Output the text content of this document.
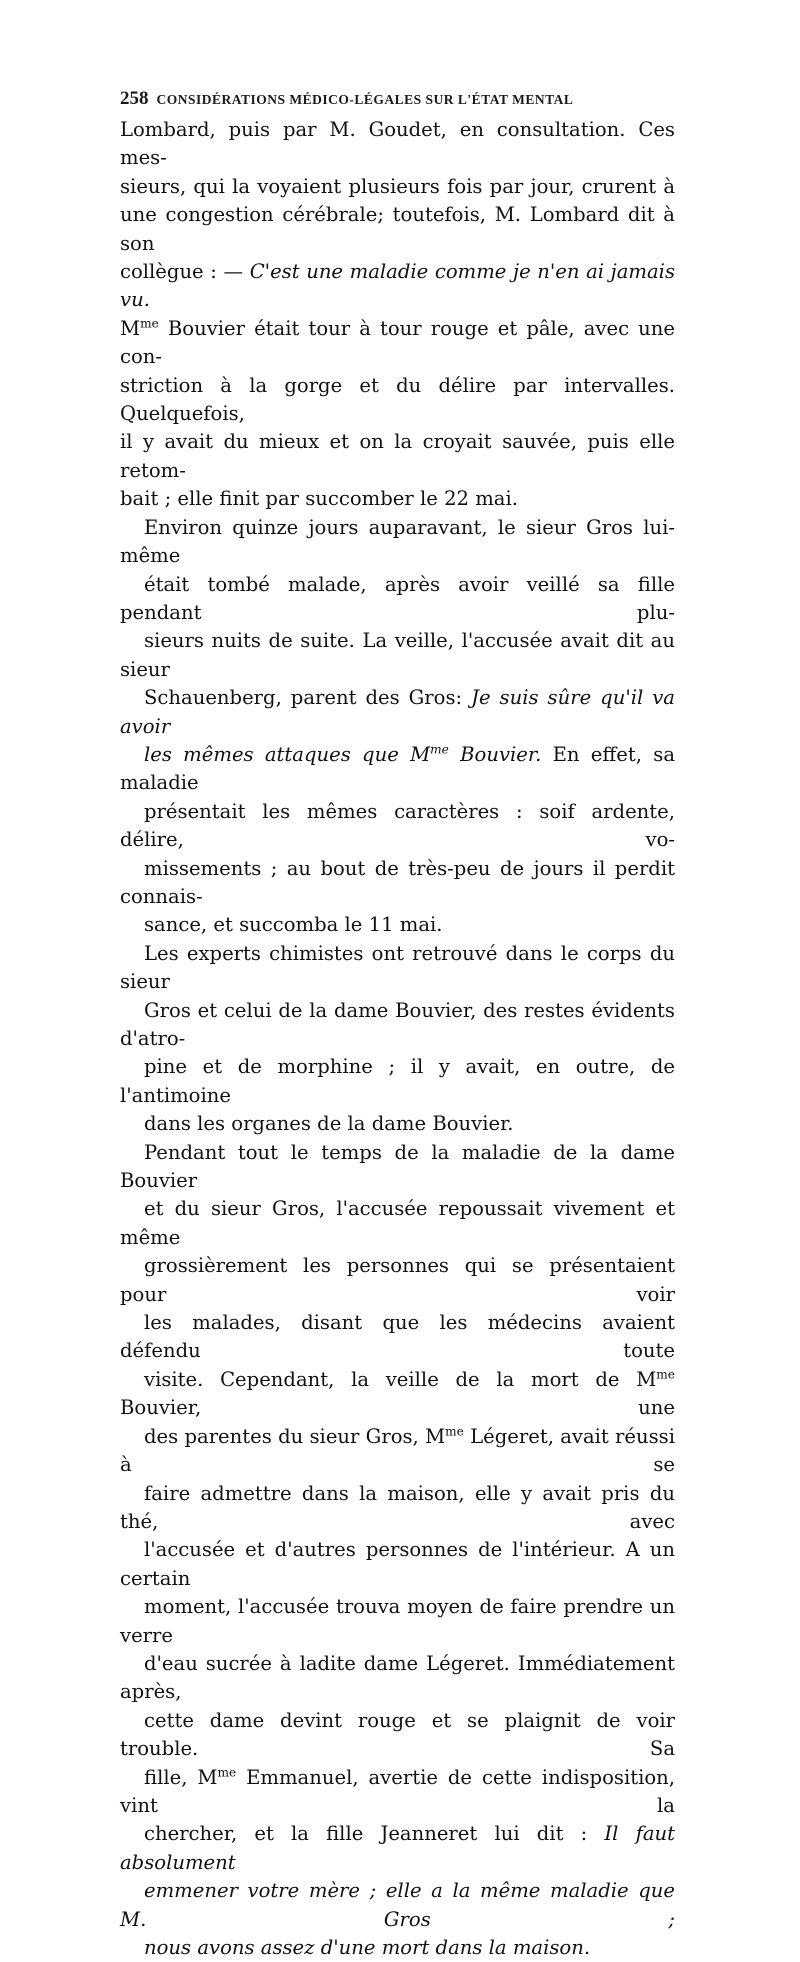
258 CONSIDÉRATIONS MÉDICO-LÉGALES SUR L'ÉTAT MENTAL

Lombard, puis par M. Goudet, en consultation. Ces mes-
sieurs, qui la voyaient plusieurs fois par jour, crurent à
une congestion cérébrale; toutefois, M. Lombard dit à son
collègue : — C'est une maladie comme je n'en ai jamais vu.
$M^{me}$ Bouvier était tour à tour rouge et pâle, avec une con-
striction à la gorge et du délire par intervalles. Quelquefois,
il y avait du mieux et on la croyait sauvée, puis elle retom-
bait ; elle finit par succomber le 22 mai.

Environ quinze jours auparavant, le sieur Gros lui-même
était tombé malade, après avoir veillé sa fille pendant plu-
sieurs nuits de suite. La veille, l'accusée avait dit au sieur
Schauenberg, parent des Gros: Je suis sûre qu'il va avoir
les mêmes attaques que $M^{me}$ Bouvier. En effet, sa maladie
présentait les mêmes caractères : soif ardente, délire, vo-
missements ; au bout de très-peu de jours il perdit connais-
sance, et succomba le 11 mai.

Les experts chimistes ont retrouvé dans le corps du sieur
Gros et celui de la dame Bouvier, des restes évidents d'atro-
pine et de morphine ; il y avait, en outre, de l'antimoine
dans les organes de la dame Bouvier.

Pendant tout le temps de la maladie de la dame Bouvier
et du sieur Gros, l'accusée repoussait vivement et même
grossièrement les personnes qui se présentaient pour voir
les malades, disant que les médecins avaient défendu toute
visite. Cependant, la veille de la mort de $M^{me}$ Bouvier, une
des parentes du sieur Gros, $M^{me}$ Légeret, avait réussi à se
faire admettre dans la maison, elle y avait pris du thé, avec
l'accusée et d'autres personnes de l'intérieur. A un certain
moment, l'accusée trouva moyen de faire prendre un verre
d'eau sucrée à ladite dame Légeret. Immédiatement après,
cette dame devint rouge et se plaignit de voir trouble. Sa
fille, $M^{me}$ Emmanuel, avertie de cette indisposition, vint la
chercher, et la fille Jeanneret lui dit : Il faut absolument
emmener votre mère ; elle a la même maladie que M. Gros ;
nous avons assez d'une mort dans la maison.
